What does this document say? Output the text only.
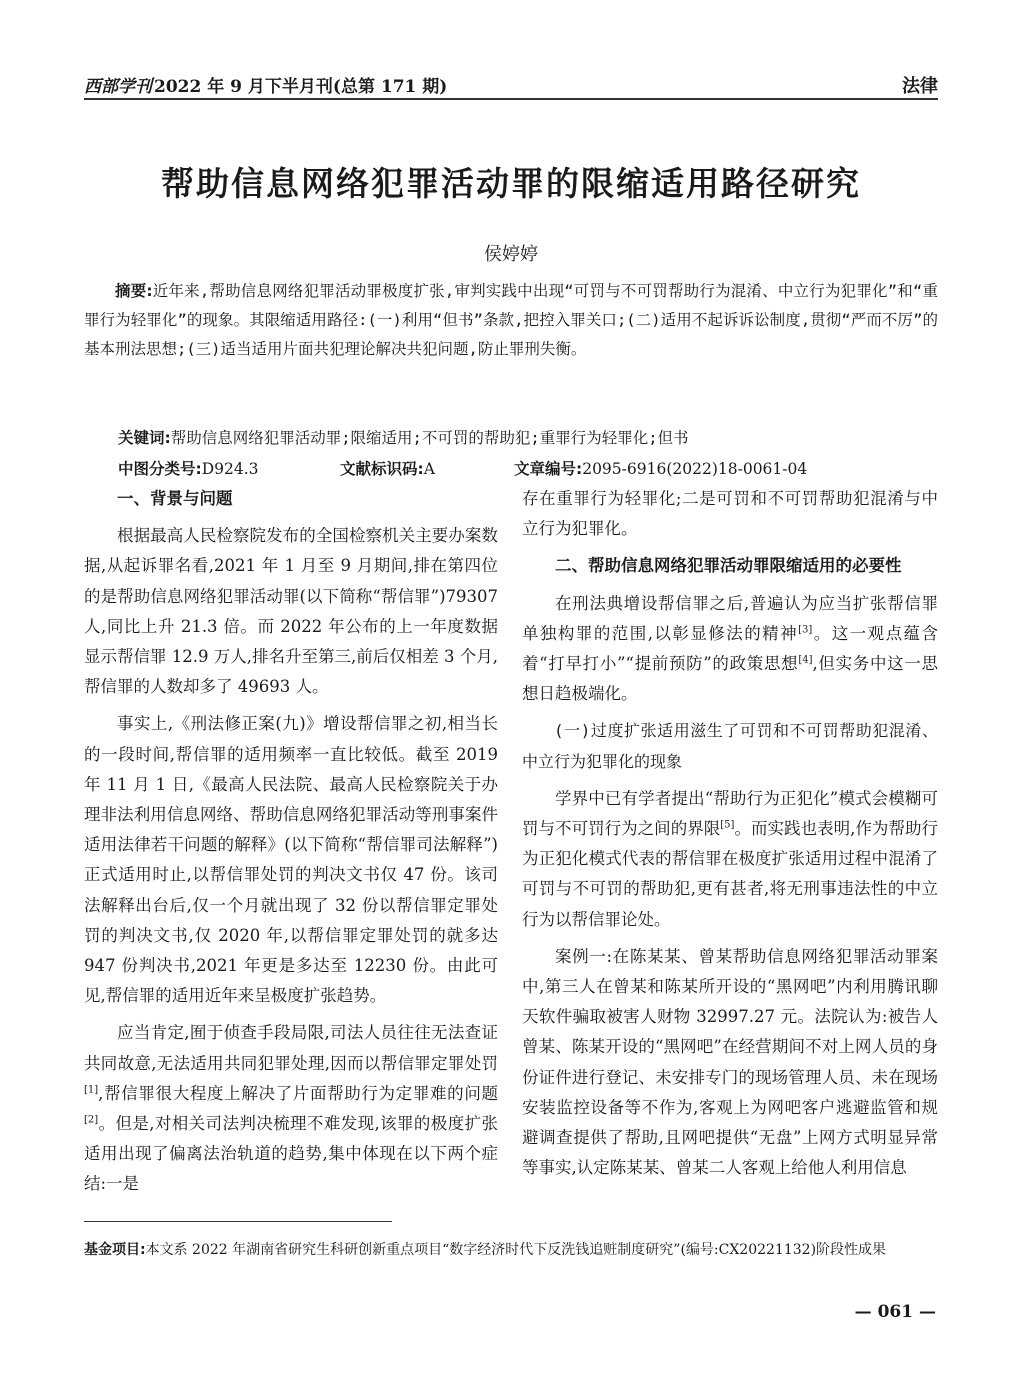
西部学刊 2022 年 9 月下半月刊(总第 171 期)	法律
帮助信息网络犯罪活动罪的限缩适用路径研究
侯婷婷
摘要:近年来,帮助信息网络犯罪活动罪极度扩张,审判实践中出现“可罚与不可罚帮助行为混淆、中立行为犯罪化”和“重罪行为轻罪化”的现象。其限缩适用路径:(一)利用“但书”条款,把控入罪关口;(二)适用不起诉诉讼制度,贯彻“严而不厉”的基本刑法思想;(三)适当适用片面共犯理论解决共犯问题,防止罪刑失衡。
关键词:帮助信息网络犯罪活动罪;限缩适用;不可罚的帮助犯;重罪行为轻罪化;但书
中图分类号:D924.3	文献标识码:A	文章编号:2095-6916(2022)18-0061-04
一、背景与问题

根据最高人民检察院发布的全国检察机关主要办案数据,从起诉罪名看,2021 年 1 月至 9 月期间,排在第四位的是帮助信息网络犯罪活动罪(以下简称“帮信罪”)79307 人,同比上升 21.3 倍。而 2022 年公布的上一年度数据显示帮信罪 12.9 万人,排名升至第三,前后仅相差 3 个月,帮信罪的人数却多了 49693 人。

事实上,《刑法修正案(九)》增设帮信罪之初,相当长的一段时间,帮信罪的适用频率一直比较低。截至 2019 年 11 月 1 日,《最高人民法院、最高人民检察院关于办理非法利用信息网络、帮助信息网络犯罪活动等刑事案件适用法律若干问题的解释》(以下简称“帮信罪司法解释”)正式适用时止,以帮信罪处罚的判决文书仅 47 份。该司法解释出台后,仅一个月就出现了 32 份以帮信罪定罪处罚的判决文书,仅 2020 年,以帮信罪定罪处罚的就多达 947 份判决书,2021 年更是多达至 12230 份。由此可见,帮信罪的适用近年来呈极度扩张趋势。

应当肯定,囿于侦查手段局限,司法人员往往无法查证共同故意,无法适用共同犯罪处理,因而以帮信罪定罪处罚[1],帮信罪很大程度上解决了片面帮助行为定罪难的问题[2]。但是,对相关司法判决梳理不难发现,该罪的极度扩张适用出现了偏离法治轨道的趋势,集中体现在以下两个症结:一是

存在重罪行为轻罪化;二是可罚和不可罚帮助犯混淆与中立行为犯罪化。

二、帮助信息网络犯罪活动罪限缩适用的必要性

在刑法典增设帮信罪之后,普遍认为应当扩张帮信罪单独构罪的范围,以彰显修法的精神[3]。这一观点蕴含着“打早打小”“提前预防”的政策思想[4],但实务中这一思想日趋极端化。

(一)过度扩张适用滋生了可罚和不可罚帮助犯混淆、中立行为犯罪化的现象

学界中已有学者提出“帮助行为正犯化”模式会模糊可罚与不可罚行为之间的界限[5]。而实践也表明,作为帮助行为正犯化模式代表的帮信罪在极度扩张适用过程中混淆了可罚与不可罚的帮助犯,更有甚者,将无刑事违法性的中立行为以帮信罪论处。

案例一:在陈某某、曾某帮助信息网络犯罪活动罪案中,第三人在曾某和陈某所开设的“黑网吧”内利用腾讯聊天软件骗取被害人财物 32997.27 元。法院认为:被告人曾某、陈某开设的“黑网吧”在经营期间不对上网人员的身份证件进行登记、未安排专门的现场管理人员、未在现场安装监控设备等不作为,客观上为网吧客户逃避监管和规避调查提供了帮助,且网吧提供“无盘”上网方式明显异常等事实,认定陈某某、曾某二人客观上给他人利用信息

基金项目:本文系 2022 年湖南省研究生科研创新重点项目“数字经济时代下反洗钱追赃制度研究”(编号:CX20221132)阶段性成果
— 061 —
